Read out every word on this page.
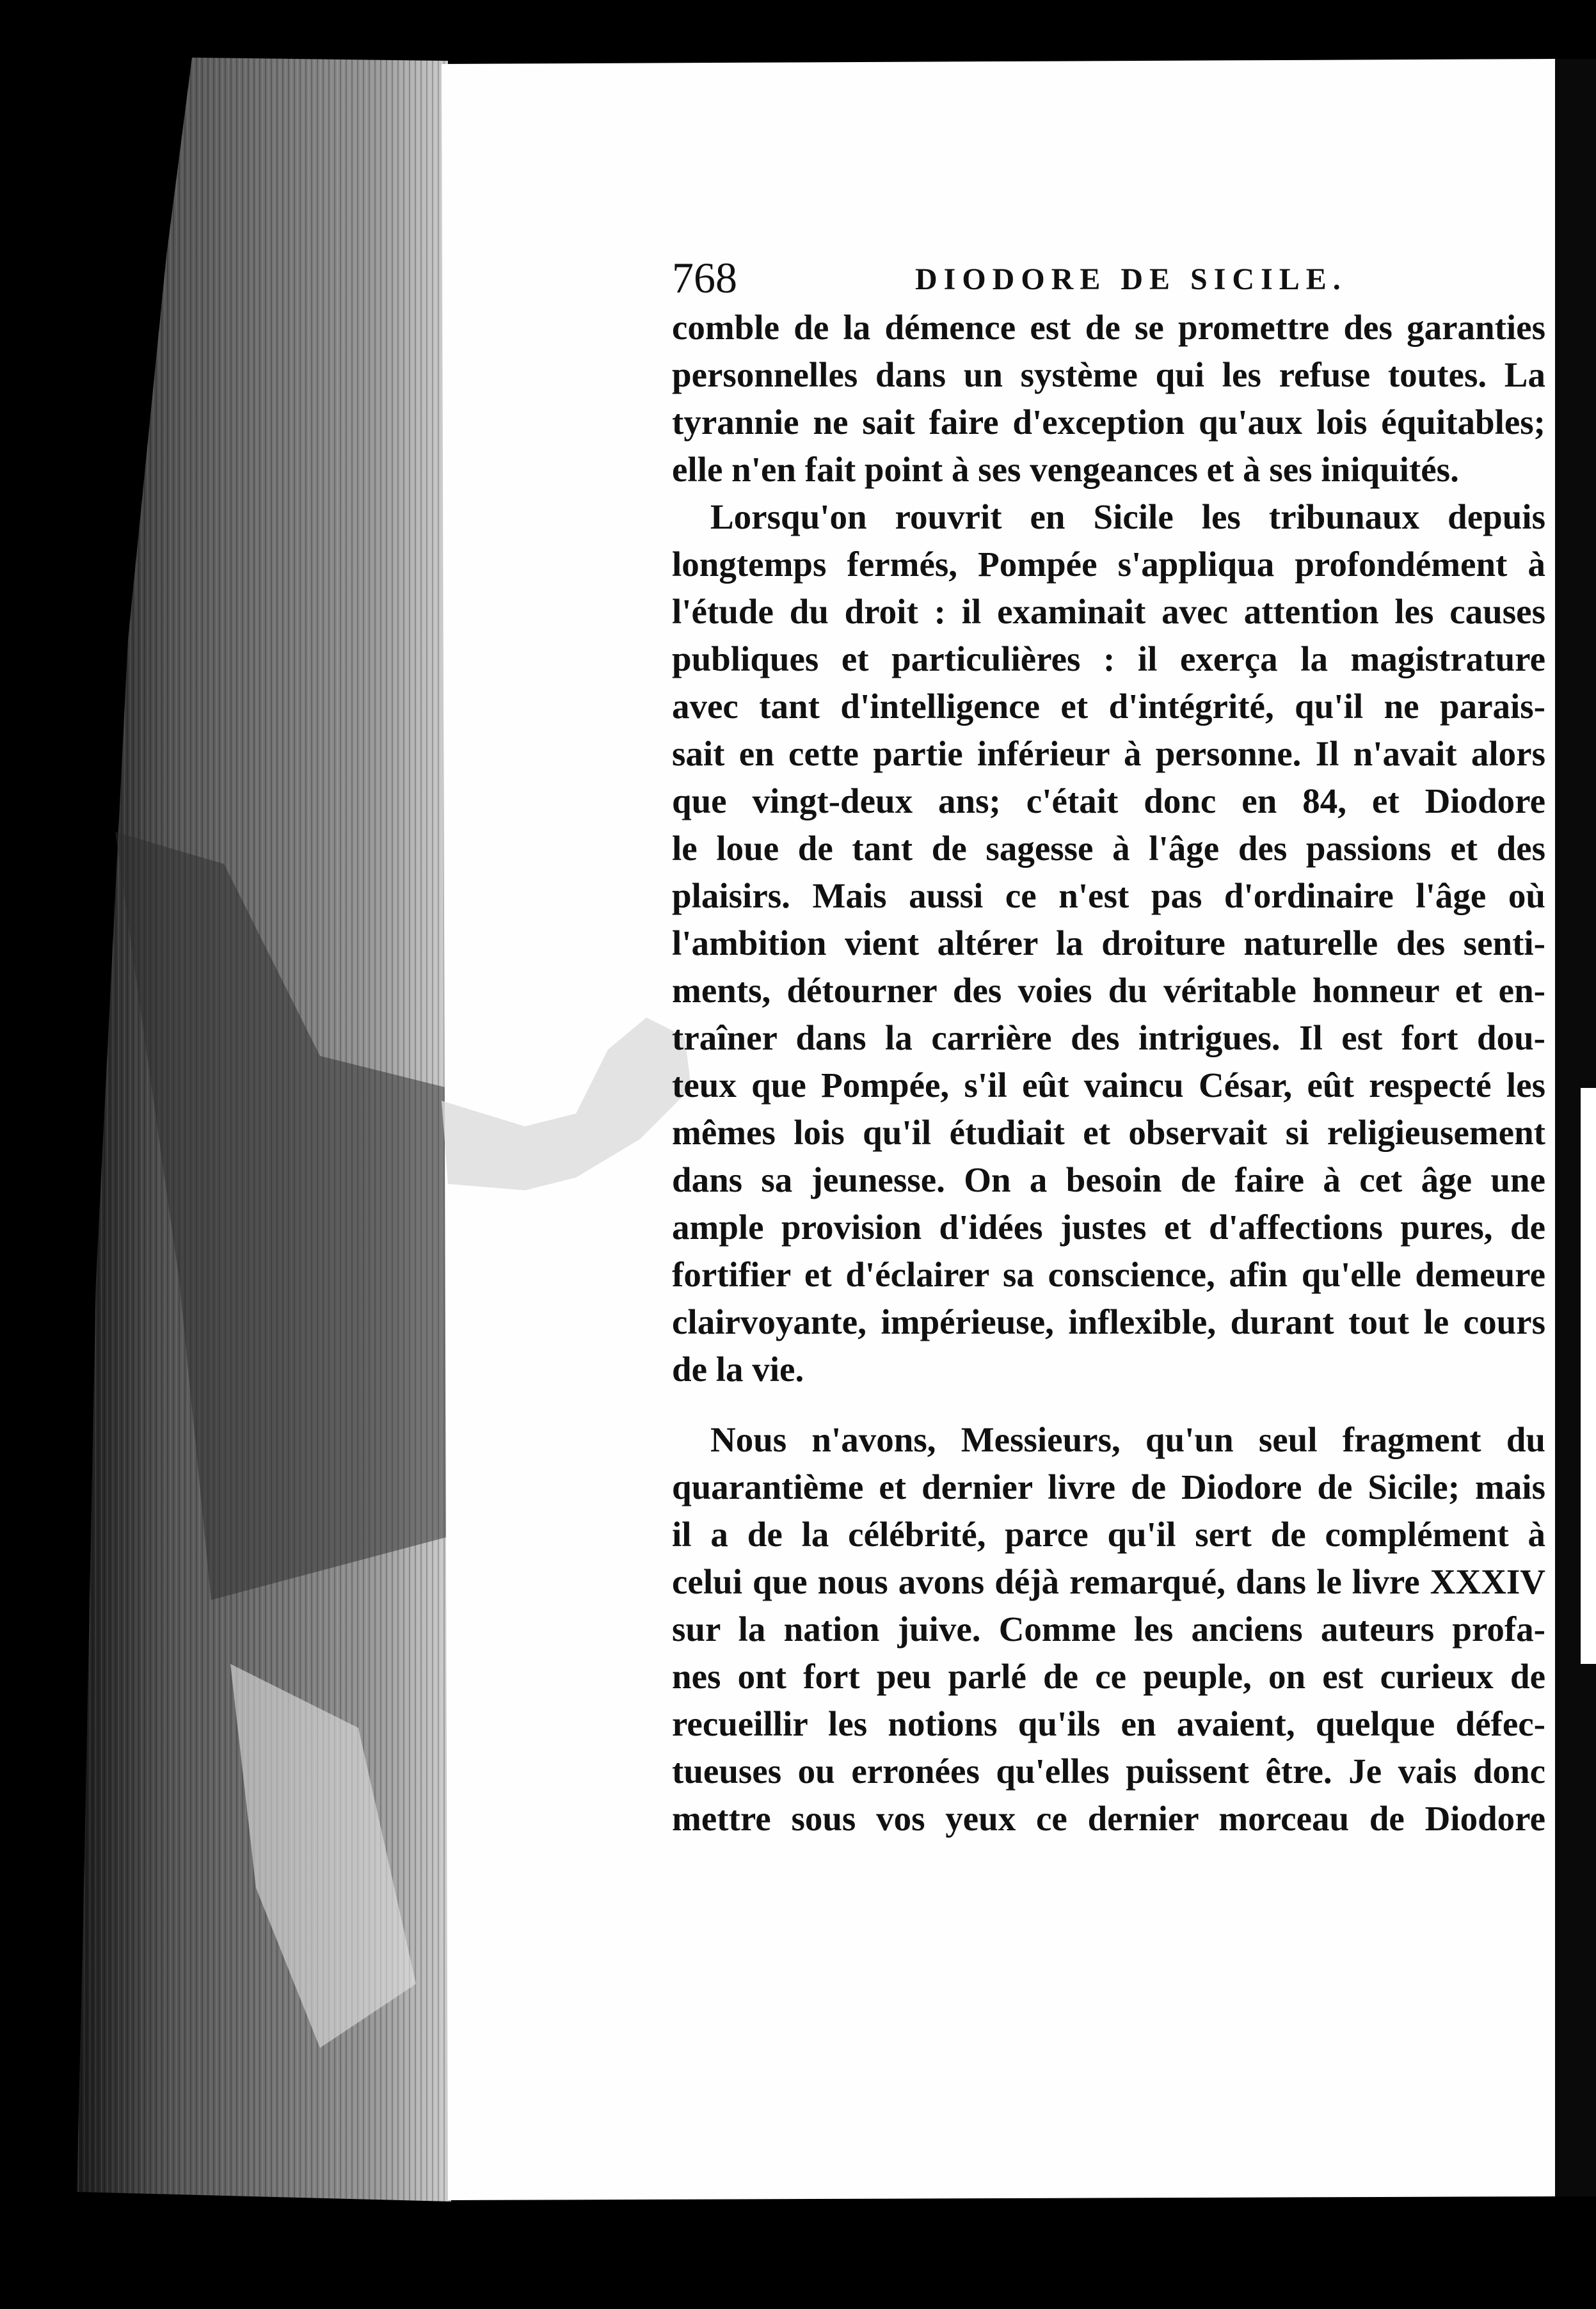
768	DIODORE DE SICILE.
comble de la démence est de se promettre des garanties
personnelles dans un système qui les refuse toutes. La
tyrannie ne sait faire d'exception qu'aux lois équitables;
elle n'en fait point à ses vengeances et à ses iniquités.
Lorsqu'on rouvrit en Sicile les tribunaux depuis
longtemps fermés, Pompée s'appliqua profondément à
l'étude du droit : il examinait avec attention les causes
publiques et particulières : il exerça la magistrature
avec tant d'intelligence et d'intégrité, qu'il ne parais-
sait en cette partie inférieur à personne. Il n'avait alors
que vingt-deux ans; c'était donc en 84, et Diodore
le loue de tant de sagesse à l'âge des passions et des
plaisirs. Mais aussi ce n'est pas d'ordinaire l'âge où
l'ambition vient altérer la droiture naturelle des senti-
ments, détourner des voies du véritable honneur et en-
traîner dans la carrière des intrigues. Il est fort dou-
teux que Pompée, s'il eût vaincu César, eût respecté les
mêmes lois qu'il étudiait et observait si religieusement
dans sa jeunesse. On a besoin de faire à cet âge une
ample provision d'idées justes et d'affections pures, de
fortifier et d'éclairer sa conscience, afin qu'elle demeure
clairvoyante, impérieuse, inflexible, durant tout le cours
de la vie.
Nous n'avons, Messieurs, qu'un seul fragment du
quarantième et dernier livre de Diodore de Sicile; mais
il a de la célébrité, parce qu'il sert de complément à
celui que nous avons déjà remarqué, dans le livre XXXIV
sur la nation juive. Comme les anciens auteurs profa-
nes ont fort peu parlé de ce peuple, on est curieux de
recueillir les notions qu'ils en avaient, quelque défec-
tueuses ou erronées qu'elles puissent être. Je vais donc
mettre sous vos yeux ce dernier morceau de Diodore
